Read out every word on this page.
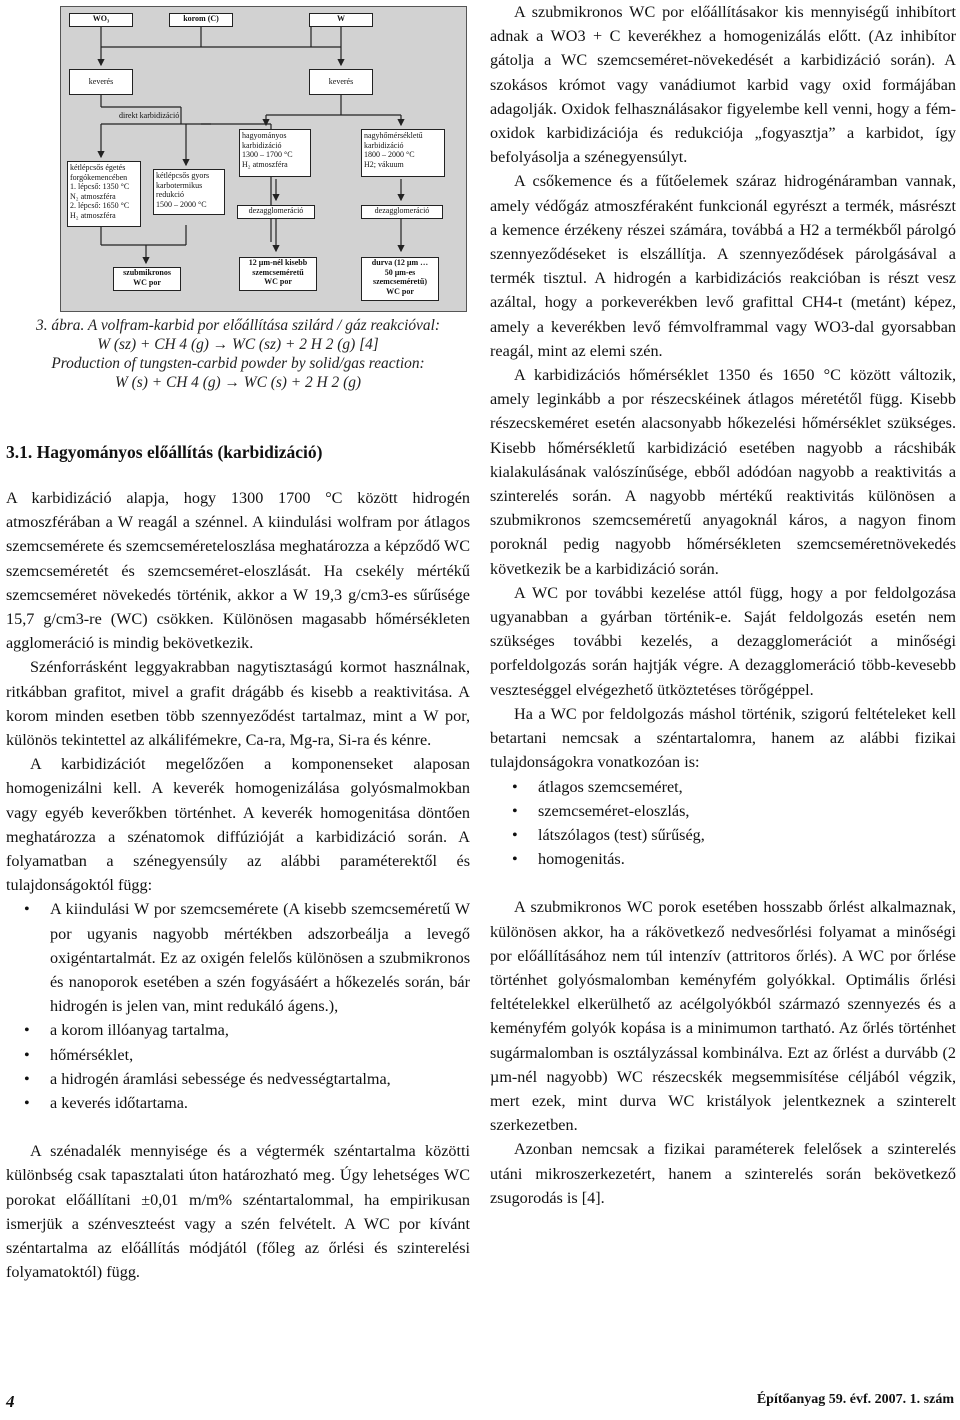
WO₃	korom (C)	W
keverés	keverés
direkt karbidizáció
kétlépcsős égetés
forgókemencében
1. lépcső: 1350 °C
N₂ atmoszféra
2. lépcső: 1650 °C
H₂ atmoszféra
kétlépcsős gyors
karbotermikus
redukció
1500 – 2000 °C
hagyományos
karbidizáció
1300 – 1700 °C
H₂ atmoszféra
nagyhőmérsékletű
karbidizáció
1800 – 2000 °C
H2; vákuum
dezagglomeráció	dezagglomeráció
szubmikronos
WC por
12 µm-nél kisebb
szemcseméretű
WC por
durva (12 µm …
50 µm-es
szemcseméretű)
WC por
3. ábra. A volfram-karbid por előállítása szilárd / gáz reakcióval:
W (sz) + CH 4 (g) → WC (sz) + 2 H 2 (g) [4]
Production of tungsten-carbid powder by solid/gas reaction:
W (s) + CH 4 (g) → WC (s) + 2 H 2 (g)
3.1. Hagyományos előállítás (karbidizáció)

A karbidizáció alapja, hogy 1300 1700 °C között hidrogén atmoszférában a W reagál a szénnel. A kiindulási wolfram por átlagos szemcsemérete és szemcseméreteloszlása meghatározza a képződő WC szemcseméretét és szemcseméret-eloszlását. Ha csekély mértékű szemcseméret növekedés történik, akkor a W 19,3 g/cm3-es sűrűsége 15,7 g/cm3-re (WC) csökken. Különösen magasabb hőmérsékleten agglomeráció is mindig bekövetkezik.

Szénforrásként leggyakrabban nagytisztaságú kormot használnak, ritkábban grafitot, mivel a grafit drágább és kisebb a reaktivitása. A korom minden esetben több szennyeződést tartalmaz, mint a W por, különös tekintettel az alkálifémekre, Ca-ra, Mg-ra, Si-ra és kénre.

A karbidizációt megelőzően a komponenseket alaposan homogenizálni kell. A keverék homogenizálása golyósmalmokban vagy egyéb keverőkben történhet. A keverék homogenitása döntően meghatározza a szénatomok diffúzióját a karbidizáció során. A folyamatban a szénegyensúly az alábbi paraméterektől és tulajdonságoktól függ:

• A kiindulási W por szemcsemérete (A kisebb szemcseméretű W por ugyanis nagyobb mértékben adszorbeálja a levegő oxigéntartalmát. Ez az oxigén felelős különösen a szubmikronos és nanoporok esetében a szén fogyásáért a hőkezelés során, bár hidrogén is jelen van, mint redukáló ágens.),
• a korom illóanyag tartalma,
• hőmérséklet,
• a hidrogén áramlási sebessége és nedvességtartalma,
• a keverés időtartama.

A szénadalék mennyisége és a végtermék széntartalma közötti különbség csak tapasztalati úton határozható meg. Úgy lehetséges WC porokat előállítani ±0,01 m/m% széntartalommal, ha empirikusan ismerjük a szénveszteést vagy a szén felvételt. A WC por kívánt széntartalma az előállítás módjától (főleg az őrlési és szinterelési folyamatoktól) függ.

A szubmikronos WC por előállításakor kis mennyiségű inhibítort adnak a WO3 + C keverékhez a homogenizálás előtt. (Az inhibítor gátolja a WC szemcseméret-növekedését a karbidizáció során). A szokásos krómot vagy vanádiumot karbid vagy oxid formájában adagolják. Oxidok felhasználásakor figyelembe kell venni, hogy a fém-oxidok karbidizációja és redukciója „fogyasztja” a karbidot, így befolyásolja a szénegyensúlyt.

A csőkemence és a fűtőelemek száraz hidrogénáramban vannak, amely védőgáz atmoszféraként funkcionál egyrészt a termék, másrészt a kemence érzékeny részei számára, továbbá a H2 a termékből párolgó szennyeződéseket is elszállítja. A szennyeződések párolgásával a termék tisztul. A hidrogén a karbidizációs reakcióban is részt vesz azáltal, hogy a porkeverékben levő grafittal CH4-t (metánt) képez, amely a keverékben levő fémvolframmal vagy WO3-dal gyorsabban reagál, mint az elemi szén.

A karbidizációs hőmérséklet 1350 és 1650 °C között változik, amely leginkább a por részecskéinek átlagos méretétől függ. Kisebb részecskeméret esetén alacsonyabb hőkezelési hőmérséklet szükséges. Kisebb hőmérsékletű karbidizáció esetében nagyobb a rácshibák kialakulásának valószínűsége, ebből adódóan nagyobb a reaktivitás a szinterelés során. A nagyobb mértékű reaktivitás különösen a szubmikronos szemcseméretű anyagoknál káros, a nagyon finom poroknál pedig nagyobb hőmérsékleten szemcseméretnövekedés következik be a karbidizáció során.

A WC por további kezelése attól függ, hogy a por feldolgozása ugyanabban a gyárban történik-e. Saját feldolgozás esetén nem szükséges további kezelés, a dezagglomerációt a minőségi porfeldolgozás során hajtják végre. A dezagglomeráció több-kevesebb veszteséggel elvégezhető ütköztetéses törőgéppel.

Ha a WC por feldolgozás máshol történik, szigorú feltételeket kell betartani nemcsak a széntartalomra, hanem az alábbi fizikai tulajdonságokra vonatkozóan is:

• átlagos szemcseméret,
• szemcseméret-eloszlás,
• látszólagos (test) sűrűség,
• homogenitás.

A szubmikronos WC porok esetében hosszabb őrlést alkalmaznak, különösen akkor, ha a rákövetkező nedvesőrlési folyamat a minőségi por előállításához nem túl intenzív (attritoros őrlés). A WC por őrlése történhet golyósmalomban keményfém golyókkal. Optimális őrlési feltételekkel elkerülhető az acélgolyókból származó szennyezés és a keményfém golyók kopása is a minimumon tartható. Az őrlés történhet sugármalomban is osztályzással kombinálva. Ezt az őrlést a durvább (2 µm-nél nagyobb) WC részecskék megsemmisítése céljából végzik, mert ezek, mint durva WC kristályok jelentkeznek a szinterelt szerkezetben.

Azonban nemcsak a fizikai paraméterek felelősek a szinterelés utáni mikroszerkezetért, hanem a szinterelés során bekövetkező zsugorodás is [4].

4	Építőanyag 59. évf. 2007. 1. szám
